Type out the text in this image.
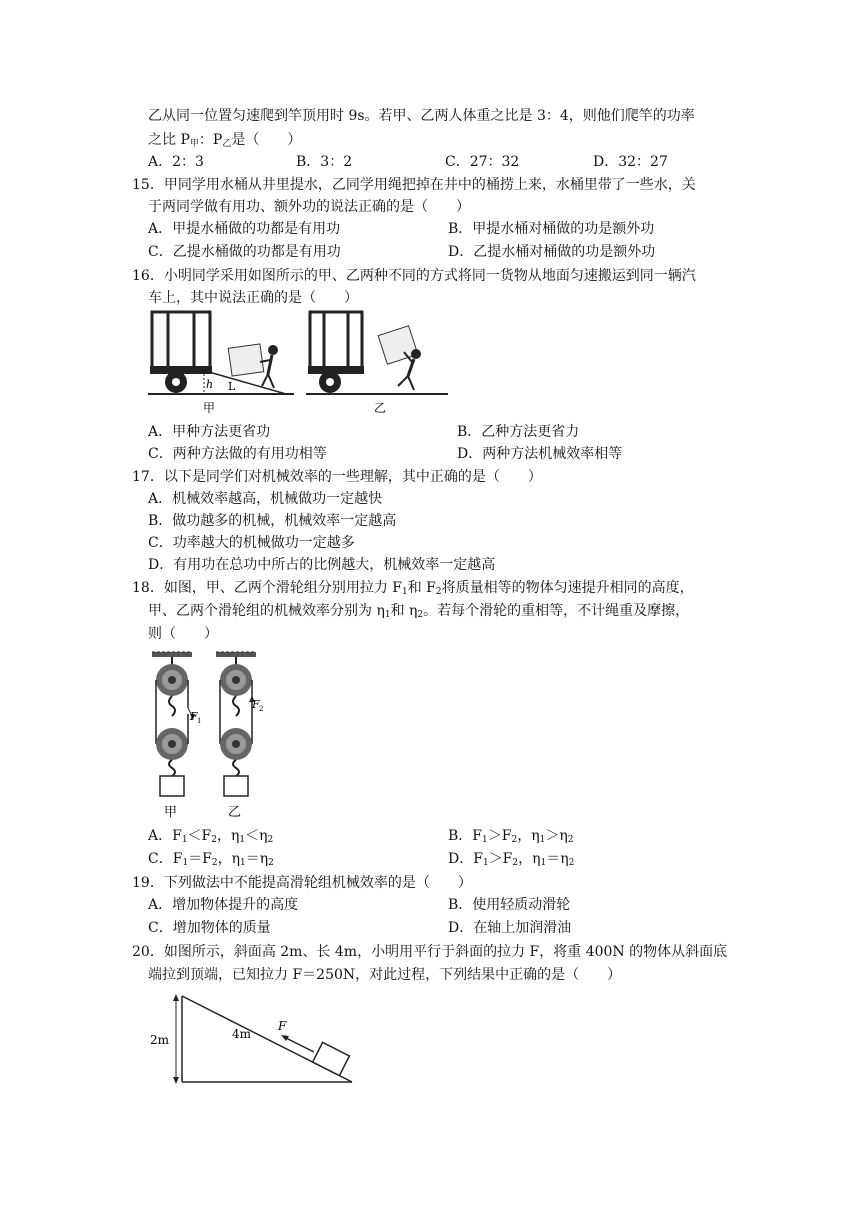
乙从同一位置匀速爬到竿顶用时 9s。若甲、乙两人体重之比是 3：4，则他们爬竿的功率
之比 $P_甲$：$P_乙$是（　　）
A．2：3	B．3：2	C．27：32	D．32：27
15．甲同学用水桶从井里提水，乙同学用绳把掉在井中的桶捞上来，水桶里带了一些水，关
于两同学做有用功、额外功的说法正确的是（　　）
A．甲提水桶做的功都是有用功	B．甲提水桶对桶做的功是额外功
C．乙提水桶做的功都是有用功	D．乙提水桶对桶做的功是额外功
16．小明同学采用如图所示的甲、乙两种不同的方式将同一货物从地面匀速搬运到同一辆汽
车上，其中说法正确的是（　　）
h L
甲	乙
A．甲种方法更省功	B．乙种方法更省力
C．两种方法做的有用功相等	D．两种方法机械效率相等
17．以下是同学们对机械效率的一些理解，其中正确的是（　　）
A．机械效率越高，机械做功一定越快
B．做功越多的机械，机械效率一定越高
C．功率越大的机械做功一定越多
D．有用功在总功中所占的比例越大，机械效率一定越高
18．如图，甲、乙两个滑轮组分别用拉力 $F_1$和 $F_2$将质量相等的物体匀速提升相同的高度，
甲、乙两个滑轮组的机械效率分别为 $\eta_1$和 $\eta_2$。若每个滑轮的重相等，不计绳重及摩擦，
则（　　）
F 1
甲
F 2
乙
A．$F_1<F_2$，$\eta_1<\eta_2$	B．$F_1>F_2$，$\eta_1>\eta_2$
C．$F_1=F_2$，$\eta_1=\eta_2$	D．$F_1>F_2$，$\eta_1=\eta_2$
19．下列做法中不能提高滑轮组机械效率的是（　　）
A．增加物体提升的高度	B．使用轻质动滑轮
C．增加物体的质量	D．在轴上加润滑油
20．如图所示，斜面高 2m、长 4m，小明用平行于斜面的拉力 F，将重 400N 的物体从斜面底
端拉到顶端，已知拉力 F＝250N，对此过程，下列结果中正确的是（　　）
2m	4m
F
